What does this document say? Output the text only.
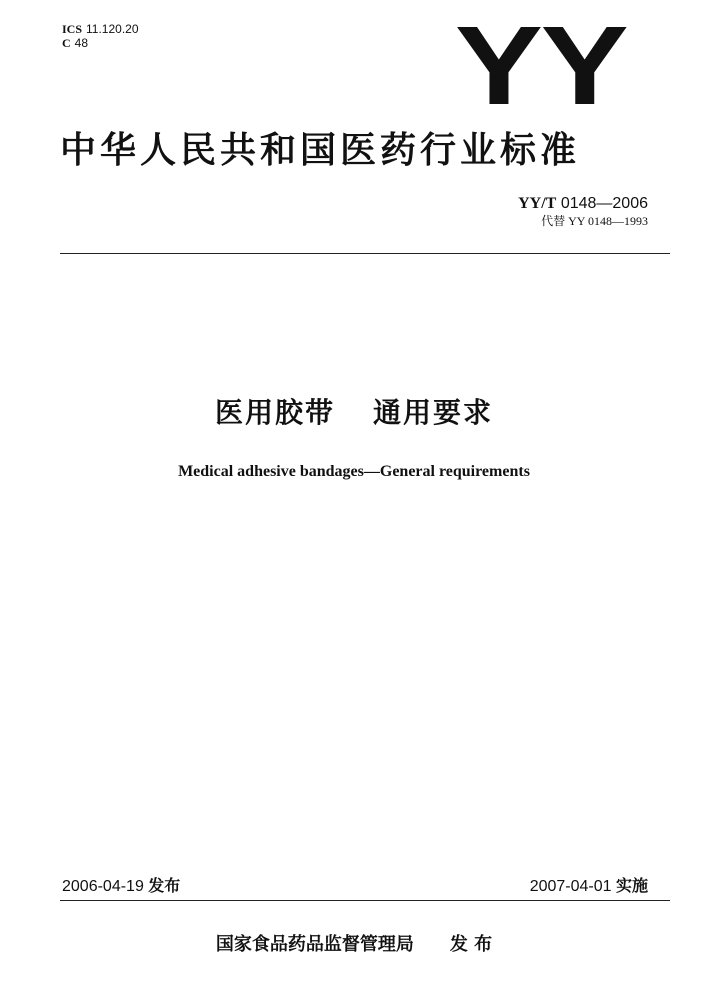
ICS 11.120.20
C 48	YY
中华人民共和国医药行业标准
YY/T 0148—2006
代替 YY 0148—1993
医用胶带 通用要求
Medical adhesive bandages—General requirements
2006-04-19 发布	2007-04-01 实施
国家食品药品监督管理局 发 布
